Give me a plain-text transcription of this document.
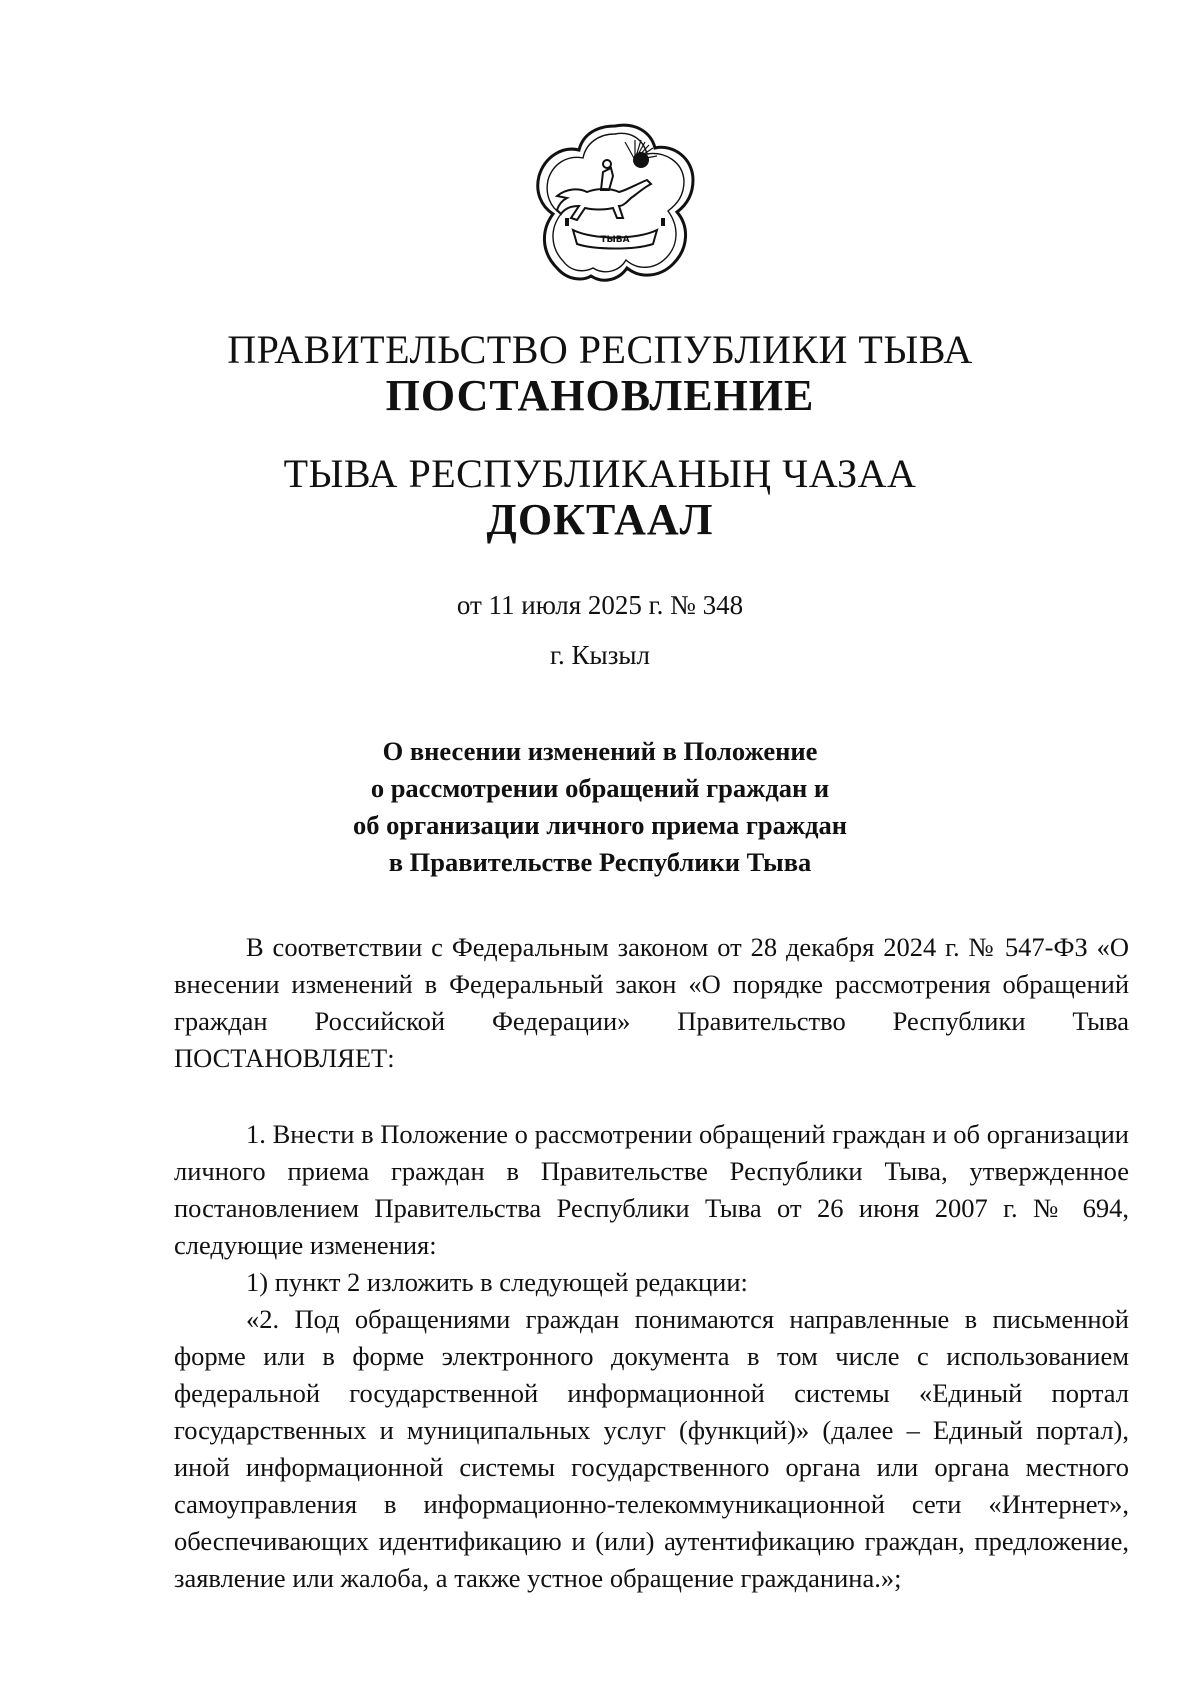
ТЫВА
ПРАВИТЕЛЬСТВО РЕСПУБЛИКИ ТЫВА
ПОСТАНОВЛЕНИЕ
ТЫВА РЕСПУБЛИКАНЫҢ ЧАЗАА
ДОКТААЛ
от 11 июля 2025 г. № 348
г. Кызыл
О внесении изменений в Положение
о рассмотрении обращений граждан и
об организации личного приема граждан
в Правительстве Республики Тыва

В соответствии с Федеральным законом от 28 декабря 2024 г. № 547-ФЗ «О внесении изменений в Федеральный закон «О порядке рассмотрения обращений граждан Российской Федерации» Правительство Республики Тыва ПОСТАНОВЛЯЕТ:

1. Внести в Положение о рассмотрении обращений граждан и об организации личного приема граждан в Правительстве Республики Тыва, утвержденное постановлением Правительства Республики Тыва от 26 июня 2007 г. № 694, следующие изменения:

1) пункт 2 изложить в следующей редакции:

«2. Под обращениями граждан понимаются направленные в письменной форме или в форме электронного документа в том числе с использованием федеральной государственной информационной системы «Единый портал государственных и муниципальных услуг (функций)» (далее – Единый портал), иной информационной системы государственного органа или органа местного самоуправления в информационно-телекоммуникационной сети «Интернет», обеспечивающих идентификацию и (или) аутентификацию граждан, предложение, заявление или жалоба, а также устное обращение гражданина.»;
